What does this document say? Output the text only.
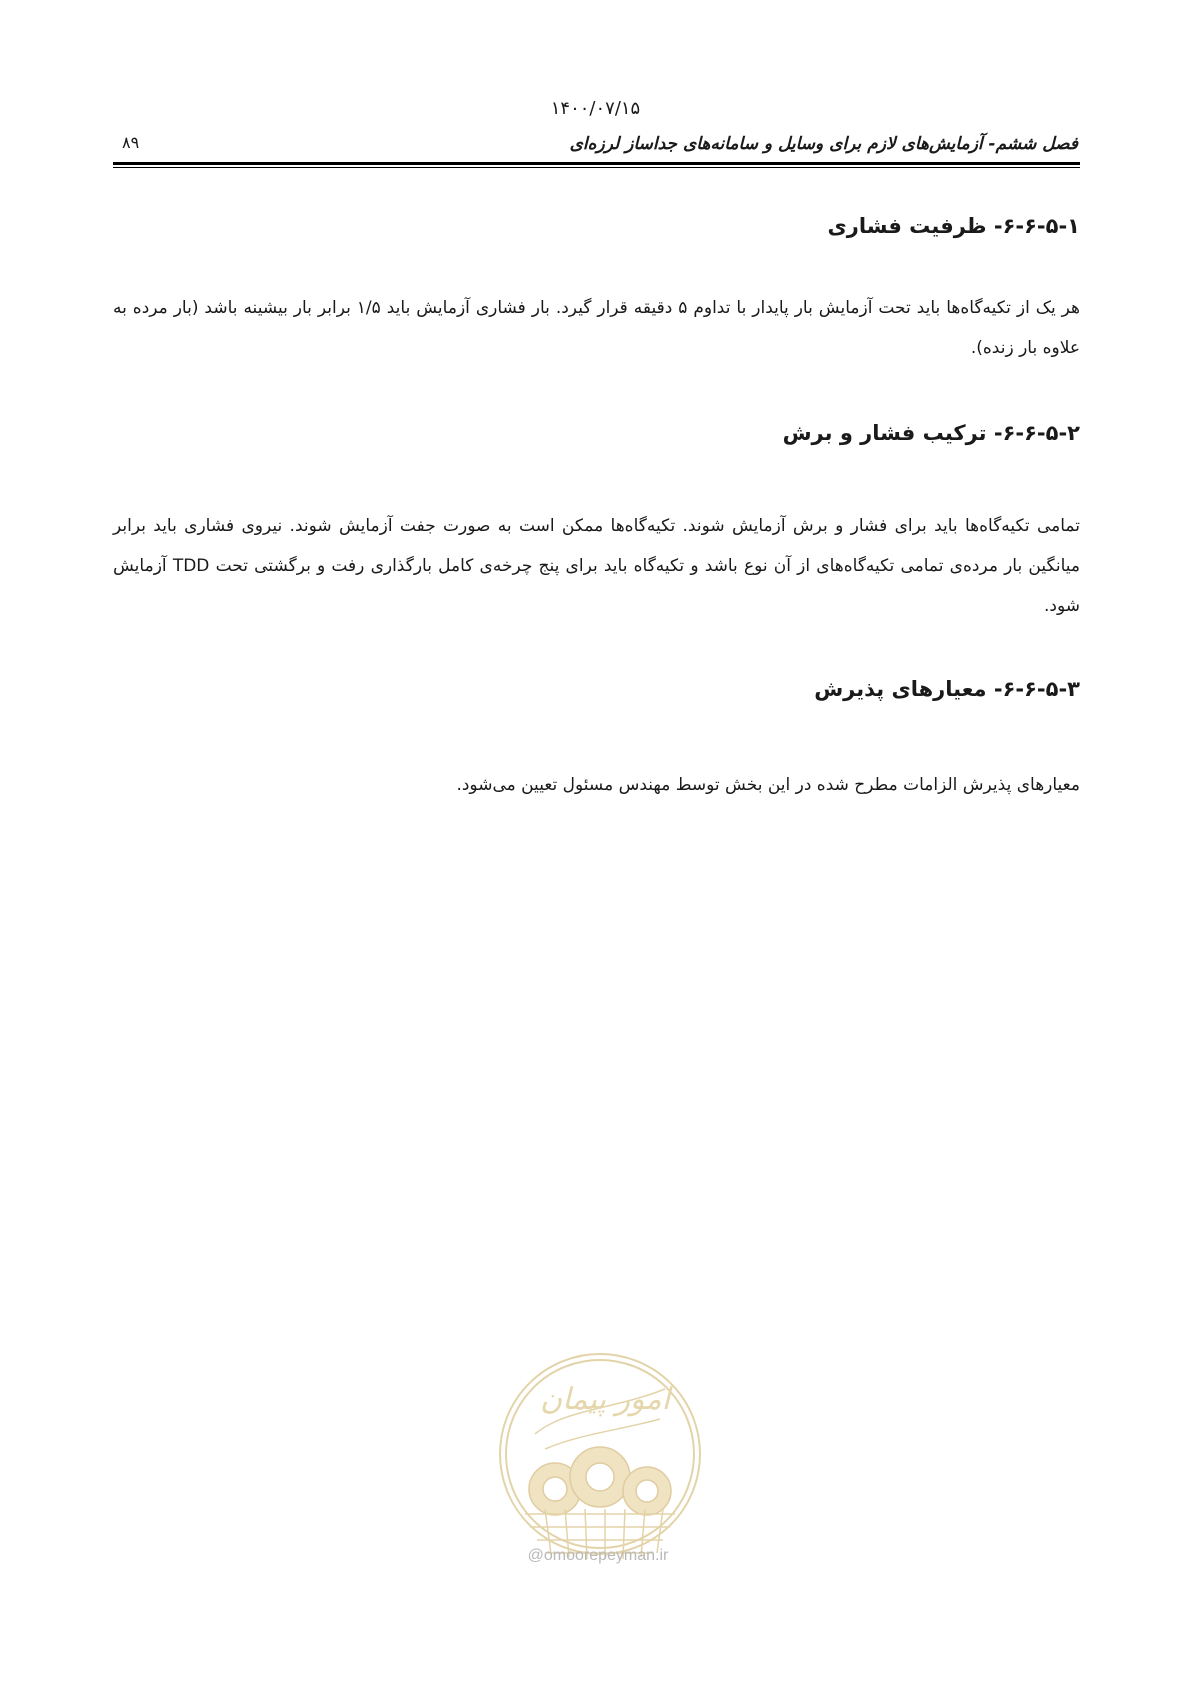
۱۴۰۰/۰۷/۱۵
فصل ششم- آزمایش‌های لازم برای وسایل و سامانه‌های جداساز لرزه‌ای
۸۹
۶-۶-۵-۱- ظرفیت فشاری

هر یک از تکیه‌گاه‌ها باید تحت آزمایش بار پایدار با تداوم ۵ دقیقه قرار گیرد. بار فشاری آزمایش باید ۱/۵ برابر بار بیشینه باشد (بار مرده به علاوه بار زنده).

۶-۶-۵-۲- ترکیب فشار و برش

تمامی تکیه‌گاه‌ها باید برای فشار و برش آزمایش شوند. تکیه‌گاه‌ها ممکن است به صورت جفت آزمایش شوند. نیروی فشاری باید برابر میانگین بار مرده‌ی تمامی تکیه‌گاه‌های از آن نوع باشد و تکیه‌گاه باید برای پنج چرخه‌ی کامل بارگذاری رفت و برگشتی تحت TDD آزمایش شود.

۶-۶-۵-۳- معیارهای پذیرش

معیارهای پذیرش الزامات مطرح شده در این بخش توسط مهندس مسئول تعیین می‌شود.

امور پیمان
@omoorepeyman.ir
